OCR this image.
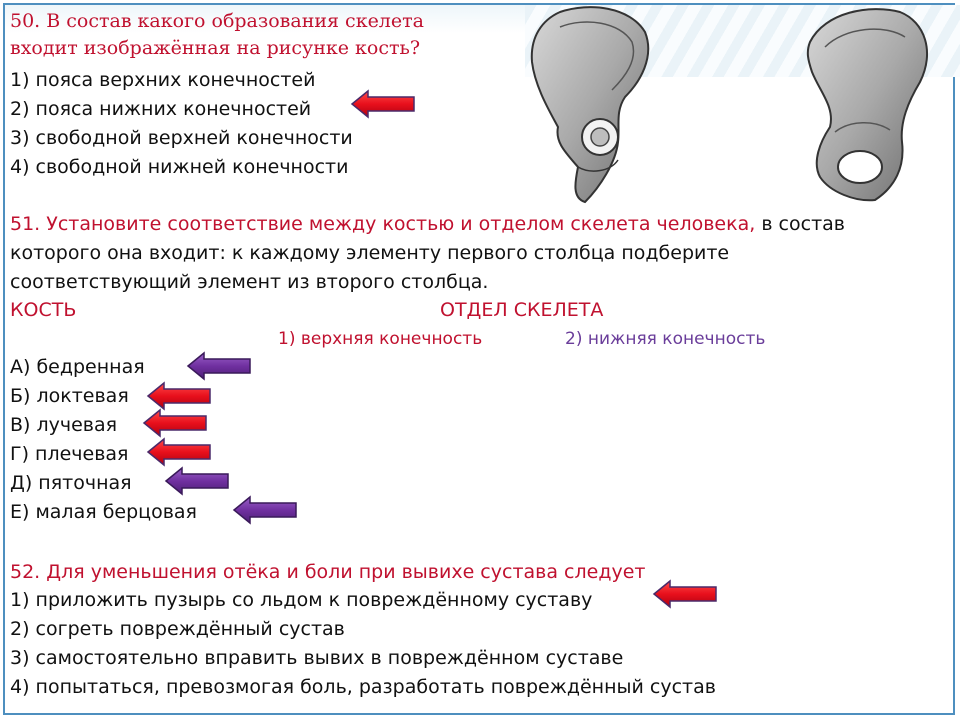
50. В состав какого образования скелета
входит изображённая на рисунке кость?
1) пояса верхних конечностей
2) пояса нижних конечностей
3) свободной верхней конечности
4) свободной нижней конечности
51. Установите соответствие между костью и отделом скелета человека, в состав
которого она входит: к каждому элементу первого столбца подберите
соответствующий элемент из второго столбца.
КОСТЬ	ОТДЕЛ СКЕЛЕТА
1) верхняя конечность	2) нижняя конечность
А) бедренная
Б) локтевая
В) лучевая
Г) плечевая
Д) пяточная
Е) малая берцовая
52. Для уменьшения отёка и боли при вывихе сустава следует
1) приложить пузырь со льдом к повреждённому суставу
2) согреть повреждённый сустав
3) самостоятельно вправить вывих в повреждённом суставе
4) попытаться, превозмогая боль, разработать повреждённый сустав
